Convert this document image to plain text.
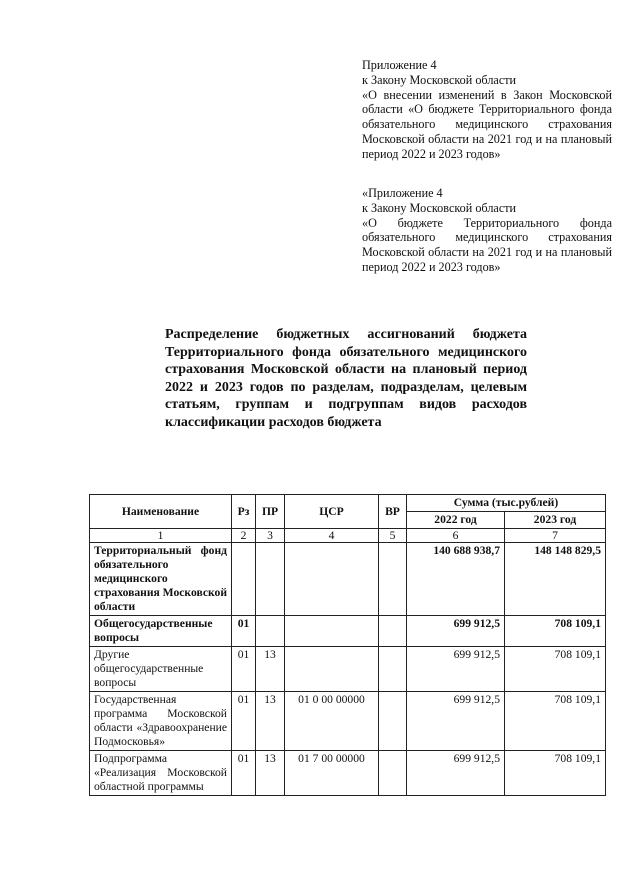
Приложение 4
к Закону Московской области
«О внесении изменений в Закон Московской области «О бюджете Территориального фонда обязательного медицинского страхования Московской области на 2021 год и на плановый период 2022 и 2023 годов»
«Приложение 4
к Закону Московской области
«О бюджете Территориального фонда обязательного медицинского страхования Московской области на 2021 год и на плановый период 2022 и 2023 годов»
Распределение бюджетных ассигнований бюджета Территориального фонда обязательного медицинского страхования Московской области на плановый период 2022 и 2023 годов по разделам, подразделам, целевым статьям, группам и подгруппам видов расходов классификации расходов бюджета
Наименование	Рз	ПР	ЦСР	ВР	Сумма (тыс.рублей)	
					2022 год	2023 год
1	2	3	4	5	6	7
Территориальный фонд обязательного медицинского страхования Московской области					140 688 938,7	148 148 829,5
Общегосударственные вопросы	01				699 912,5	708 109,1
Другие общегосударственные вопросы	01	13			699 912,5	708 109,1
Государственная программа Московской области «Здравоохранение Подмосковья»	01	13	01 0 00 00000		699 912,5	708 109,1
Подпрограмма «Реализация Московской областной программы	01	13	01 7 00 00000		699 912,5	708 109,1
